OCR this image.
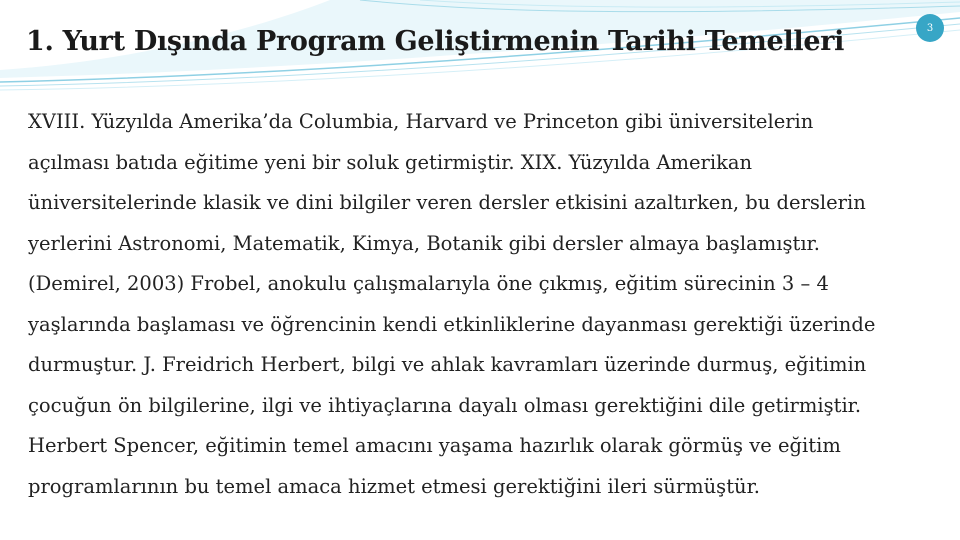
1. Yurt Dışında Program Geliştirmenin Tarihi Temelleri	3
XVIII. Yüzyılda Amerika’da Columbia, Harvard ve Princeton gibi üniversitelerin
açılması batıda eğitime yeni bir soluk getirmiştir. XIX. Yüzyılda Amerikan
üniversitelerinde klasik ve dini bilgiler veren dersler etkisini azaltırken, bu derslerin
yerlerini Astronomi, Matematik, Kimya, Botanik gibi dersler almaya başlamıştır.
(Demirel, 2003) Frobel, anokulu çalışmalarıyla öne çıkmış, eğitim sürecinin 3 – 4
yaşlarında başlaması ve öğrencinin kendi etkinliklerine dayanması gerektiği üzerinde
durmuştur. J. Freidrich Herbert, bilgi ve ahlak kavramları üzerinde durmuş, eğitimin
çocuğun ön bilgilerine, ilgi ve ihtiyaçlarına dayalı olması gerektiğini dile getirmiştir.
Herbert Spencer, eğitimin temel amacını yaşama hazırlık olarak görmüş ve eğitim
programlarının bu temel amaca hizmet etmesi gerektiğini ileri sürmüştür.
